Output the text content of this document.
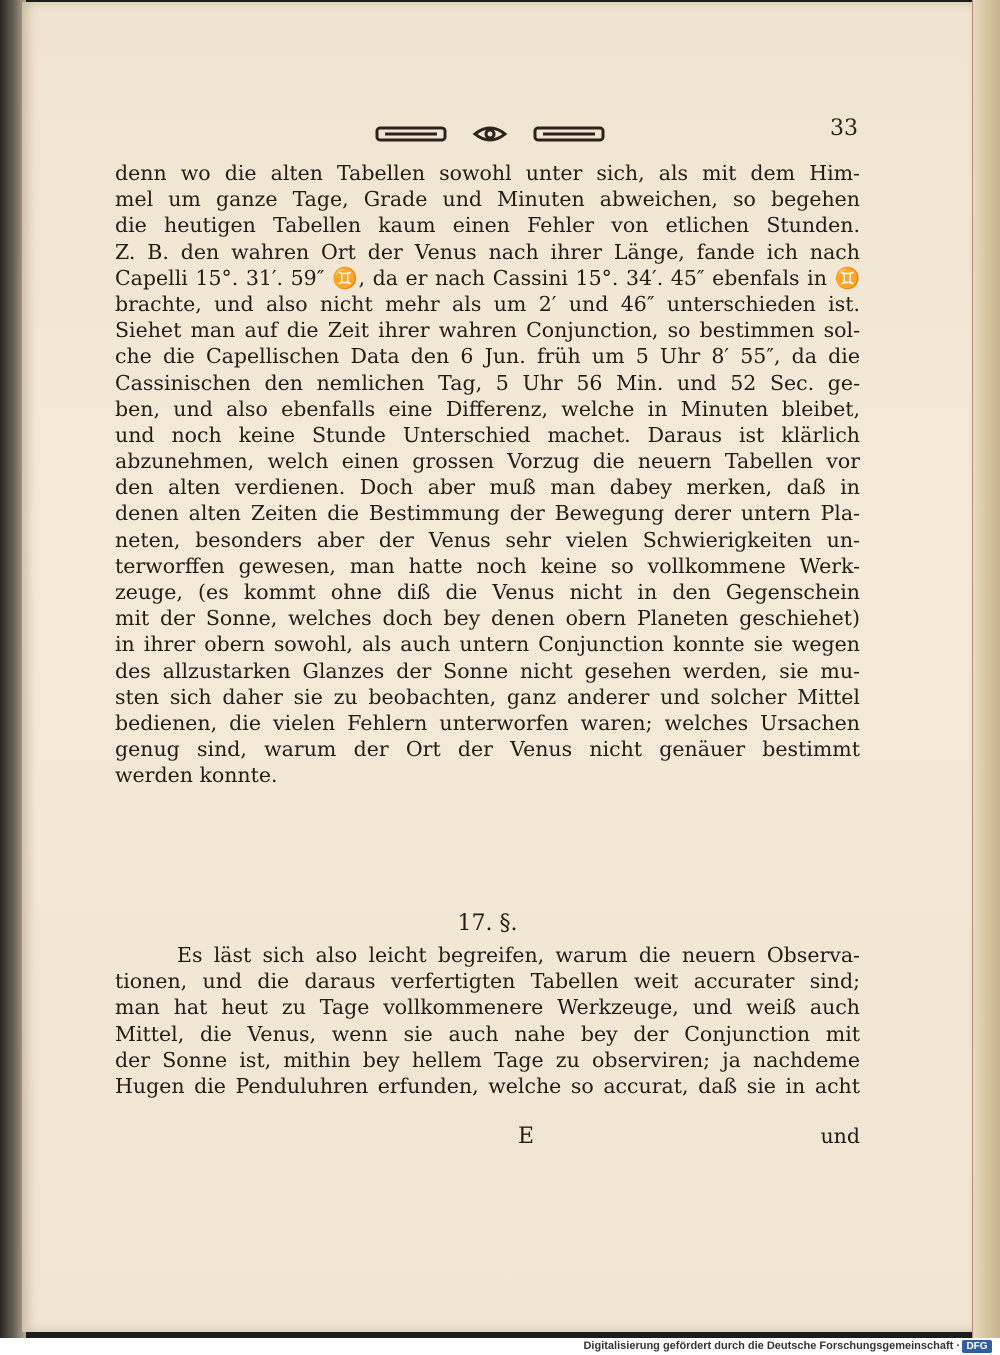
33
denn wo die alten Tabellen sowohl unter sich, als mit dem Him-
mel um ganze Tage, Grade und Minuten abweichen, so begehen
die heutigen Tabellen kaum einen Fehler von etlichen Stunden.
Z. B. den wahren Ort der Venus nach ihrer Länge, fande ich nach
Capelli 15°. 31′. 59″ ♊, da er nach Cassini 15°. 34′. 45″ ebenfals in ♊
brachte, und also nicht mehr als um 2′ und 46″ unterschieden ist.
Siehet man auf die Zeit ihrer wahren Conjunction, so bestimmen sol-
che die Capellischen Data den 6 Jun. früh um 5 Uhr 8′ 55″, da die
Cassinischen den nemlichen Tag, 5 Uhr 56 Min. und 52 Sec. ge-
ben, und also ebenfalls eine Differenz, welche in Minuten bleibet,
und noch keine Stunde Unterschied machet. Daraus ist klärlich
abzunehmen, welch einen grossen Vorzug die neuern Tabellen vor
den alten verdienen. Doch aber muß man dabey merken, daß in
denen alten Zeiten die Bestimmung der Bewegung derer untern Pla-
neten, besonders aber der Venus sehr vielen Schwierigkeiten un-
terworffen gewesen, man hatte noch keine so vollkommene Werk-
zeuge, (es kommt ohne diß die Venus nicht in den Gegenschein
mit der Sonne, welches doch bey denen obern Planeten geschiehet)
in ihrer obern sowohl, als auch untern Conjunction konnte sie wegen
des allzustarken Glanzes der Sonne nicht gesehen werden, sie mu-
sten sich daher sie zu beobachten, ganz anderer und solcher Mittel
bedienen, die vielen Fehlern unterworfen waren; welches Ursachen
genug sind, warum der Ort der Venus nicht genäuer bestimmt
werden konnte.
17. §.
Es läst sich also leicht begreifen, warum die neuern Observa-
tionen, und die daraus verfertigten Tabellen weit accurater sind;
man hat heut zu Tage vollkommenere Werkzeuge, und weiß auch
Mittel, die Venus, wenn sie auch nahe bey der Conjunction mit
der Sonne ist, mithin bey hellem Tage zu observiren; ja nachdeme
Hugen die Penduluhren erfunden, welche so accurat, daß sie in acht
E	und
Digitalisierung gefördert durch die Deutsche Forschungsgemeinschaft · DFG
